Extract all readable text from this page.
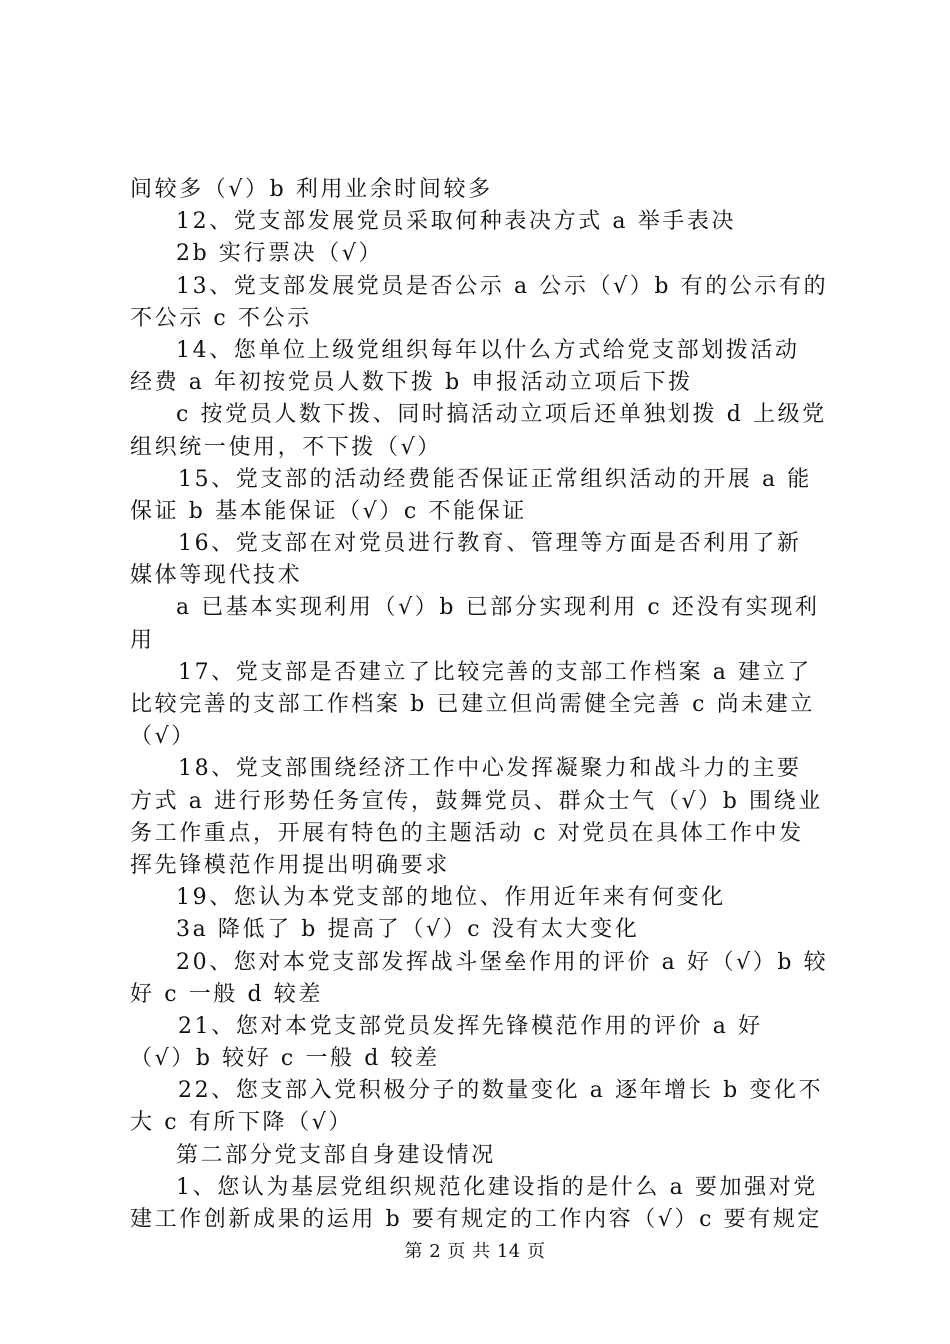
间较多（√）b 利用业余时间较多
12、党支部发展党员采取何种表决方式 a 举手表决
2b 实行票决（√）
13、党支部发展党员是否公示 a 公示（√）b 有的公示有的
不公示 c 不公示
14、您单位上级党组织每年以什么方式给党支部划拨活动
经费 a 年初按党员人数下拨 b 申报活动立项后下拨
c 按党员人数下拨、同时搞活动立项后还单独划拨 d 上级党
组织统一使用，不下拨（√）
15、党支部的活动经费能否保证正常组织活动的开展 a 能
保证 b 基本能保证（√）c 不能保证
16、党支部在对党员进行教育、管理等方面是否利用了新
媒体等现代技术
a 已基本实现利用（√）b 已部分实现利用 c 还没有实现利
用
17、党支部是否建立了比较完善的支部工作档案 a 建立了
比较完善的支部工作档案 b 已建立但尚需健全完善 c 尚未建立
（√）
18、党支部围绕经济工作中心发挥凝聚力和战斗力的主要
方式 a 进行形势任务宣传，鼓舞党员、群众士气（√）b 围绕业
务工作重点，开展有特色的主题活动 c 对党员在具体工作中发
挥先锋模范作用提出明确要求
19、您认为本党支部的地位、作用近年来有何变化
3a 降低了 b 提高了（√）c 没有太大变化
20、您对本党支部发挥战斗堡垒作用的评价 a 好（√）b 较
好 c 一般 d 较差
21、您对本党支部党员发挥先锋模范作用的评价 a 好
（√）b 较好 c 一般 d 较差
22、您支部入党积极分子的数量变化 a 逐年增长 b 变化不
大 c 有所下降（√）
第二部分党支部自身建设情况
1、您认为基层党组织规范化建设指的是什么 a 要加强对党
建工作创新成果的运用 b 要有规定的工作内容（√）c 要有规定
第 2 页 共 14 页
